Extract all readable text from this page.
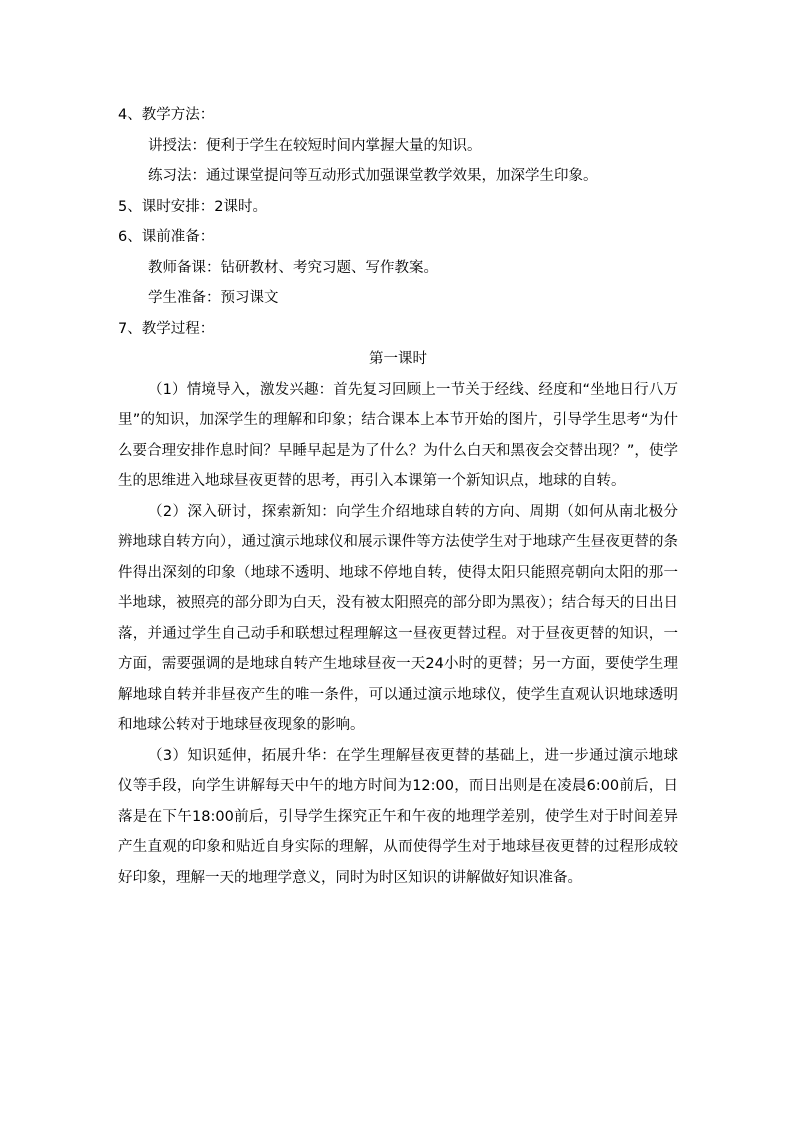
4、教学方法：

讲授法：便利于学生在较短时间内掌握大量的知识。

练习法：通过课堂提问等互动形式加强课堂教学效果，加深学生印象。

5、课时安排：2课时。

6、课前准备：

教师备课：钻研教材、考究习题、写作教案。

学生准备：预习课文

7、教学过程：

第一课时

（1）情境导入，激发兴趣：首先复习回顾上一节关于经线、经度和“坐地日行八万里”的知识，加深学生的理解和印象；结合课本上本节开始的图片，引导学生思考“为什么要合理安排作息时间？早睡早起是为了什么？为什么白天和黑夜会交替出现？”，使学生的思维进入地球昼夜更替的思考，再引入本课第一个新知识点，地球的自转。

（2）深入研讨，探索新知：向学生介绍地球自转的方向、周期（如何从南北极分辨地球自转方向），通过演示地球仪和展示课件等方法使学生对于地球产生昼夜更替的条件得出深刻的印象（地球不透明、地球不停地自转，使得太阳只能照亮朝向太阳的那一半地球，被照亮的部分即为白天，没有被太阳照亮的部分即为黑夜）；结合每天的日出日落，并通过学生自己动手和联想过程理解这一昼夜更替过程。对于昼夜更替的知识，一方面，需要强调的是地球自转产生地球昼夜一天24小时的更替；另一方面，要使学生理解地球自转并非昼夜产生的唯一条件，可以通过演示地球仪，使学生直观认识地球透明和地球公转对于地球昼夜现象的影响。

（3）知识延伸，拓展升华：在学生理解昼夜更替的基础上，进一步通过演示地球仪等手段，向学生讲解每天中午的地方时间为12:00，而日出则是在凌晨6:00前后，日落是在下午18:00前后，引导学生探究正午和午夜的地理学差别，使学生对于时间差异产生直观的印象和贴近自身实际的理解，从而使得学生对于地球昼夜更替的过程形成较好印象，理解一天的地理学意义，同时为时区知识的讲解做好知识准备。
